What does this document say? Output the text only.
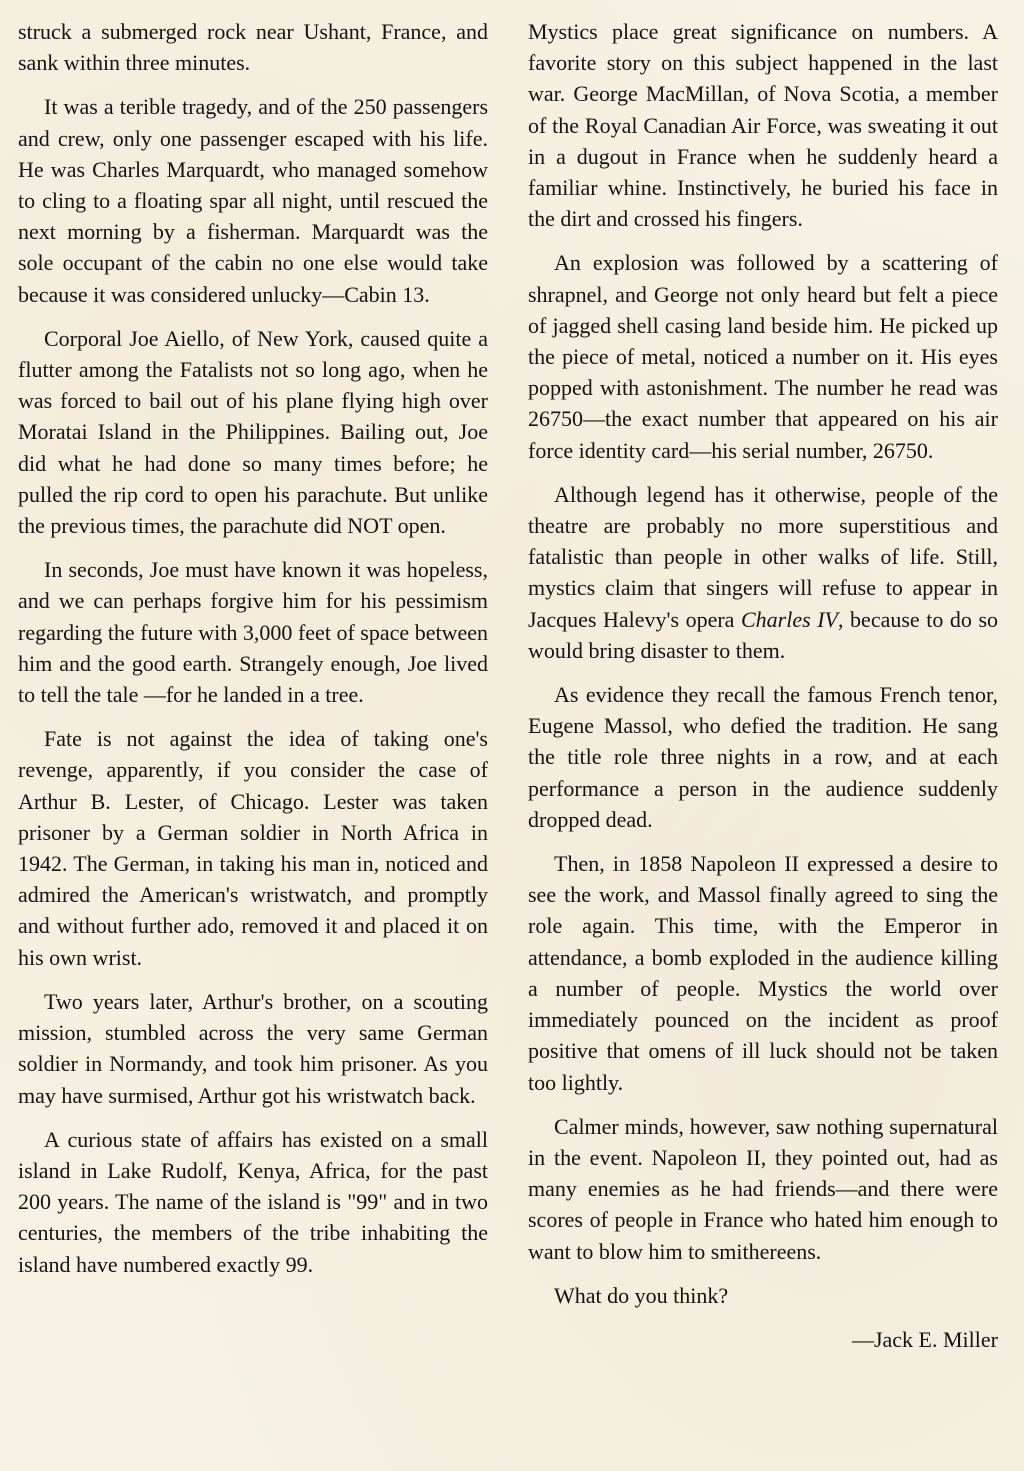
struck a submerged rock near Ushant, France, and sank within three minutes.

It was a terible tragedy, and of the 250 passengers and crew, only one passenger escaped with his life. He was Charles Marquardt, who managed somehow to cling to a floating spar all night, until rescued the next morning by a fisherman. Marquardt was the sole occupant of the cabin no one else would take because it was considered unlucky—Cabin 13.

Corporal Joe Aiello, of New York, caused quite a flutter among the Fatalists not so long ago, when he was forced to bail out of his plane flying high over Moratai Island in the Philippines. Bailing out, Joe did what he had done so many times before; he pulled the rip cord to open his parachute. But unlike the previous times, the parachute did NOT open.

In seconds, Joe must have known it was hopeless, and we can perhaps forgive him for his pessimism regarding the future with 3,000 feet of space between him and the good earth. Strangely enough, Joe lived to tell the tale —for he landed in a tree.

Fate is not against the idea of taking one's revenge, apparently, if you consider the case of Arthur B. Lester, of Chicago. Lester was taken prisoner by a German soldier in North Africa in 1942. The German, in taking his man in, noticed and admired the American's wristwatch, and promptly and without further ado, removed it and placed it on his own wrist.

Two years later, Arthur's brother, on a scouting mission, stumbled across the very same German soldier in Normandy, and took him prisoner. As you may have surmised, Arthur got his wristwatch back.

A curious state of affairs has existed on a small island in Lake Rudolf, Kenya, Africa, for the past 200 years. The name of the island is "99" and in two centuries, the members of the tribe inhabiting the island have numbered exactly 99.

Mystics place great significance on numbers. A favorite story on this subject happened in the last war. George MacMillan, of Nova Scotia, a member of the Royal Canadian Air Force, was sweating it out in a dugout in France when he suddenly heard a familiar whine. Instinctively, he buried his face in the dirt and crossed his fingers.

An explosion was followed by a scattering of shrapnel, and George not only heard but felt a piece of jagged shell casing land beside him. He picked up the piece of metal, noticed a number on it. His eyes popped with astonishment. The number he read was 26750—the exact number that appeared on his air force identity card—his serial number, 26750.

Although legend has it otherwise, people of the theatre are probably no more superstitious and fatalistic than people in other walks of life. Still, mystics claim that singers will refuse to appear in Jacques Halevy's opera Charles IV, because to do so would bring disaster to them.

As evidence they recall the famous French tenor, Eugene Massol, who defied the tradition. He sang the title role three nights in a row, and at each performance a person in the audience suddenly dropped dead.

Then, in 1858 Napoleon II expressed a desire to see the work, and Massol finally agreed to sing the role again. This time, with the Emperor in attendance, a bomb exploded in the audience killing a number of people. Mystics the world over immediately pounced on the incident as proof positive that omens of ill luck should not be taken too lightly.

Calmer minds, however, saw nothing supernatural in the event. Napoleon II, they pointed out, had as many enemies as he had friends—and there were scores of people in France who hated him enough to want to blow him to smithereens.

What do you think?

—Jack E. Miller
